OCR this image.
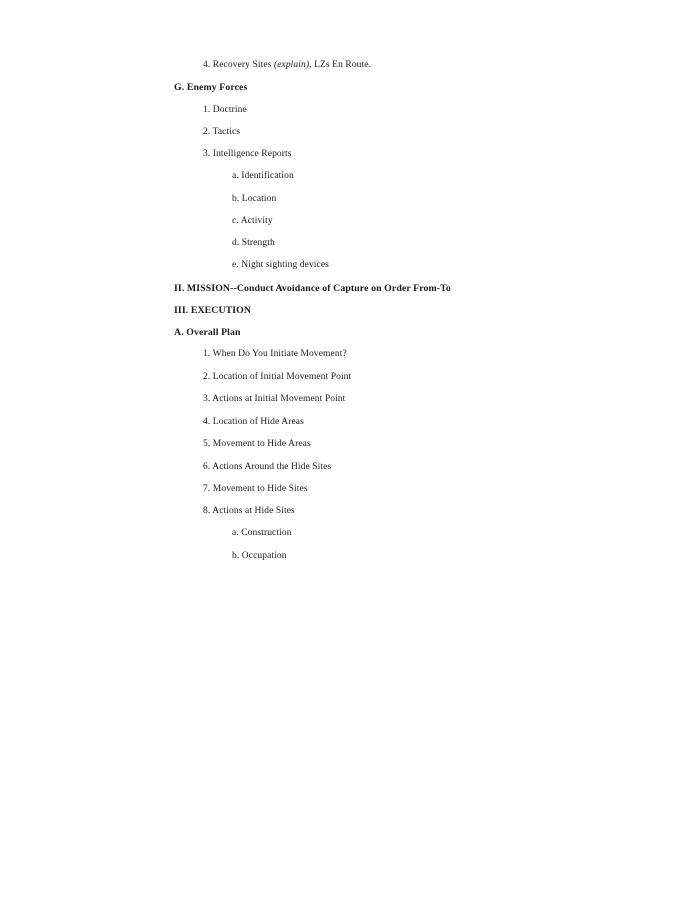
4. Recovery Sites (explain), LZs En Route.
G. Enemy Forces
1. Doctrine
2. Tactics
3. Intelligence Reports
a. Identification
b. Location
c. Activity
d. Strength
e. Night sighting devices
II. MISSION--Conduct Avoidance of Capture on Order From-To
III. EXECUTION
A. Overall Plan
1. When Do You Initiate Movement?
2. Location of Initial Movement Point
3. Actions at Initial Movement Point
4. Location of Hide Areas
5. Movement to Hide Areas
6. Actions Around the Hide Sites
7. Movement to Hide Sites
8. Actions at Hide Sites
a. Construction
b. Occupation
